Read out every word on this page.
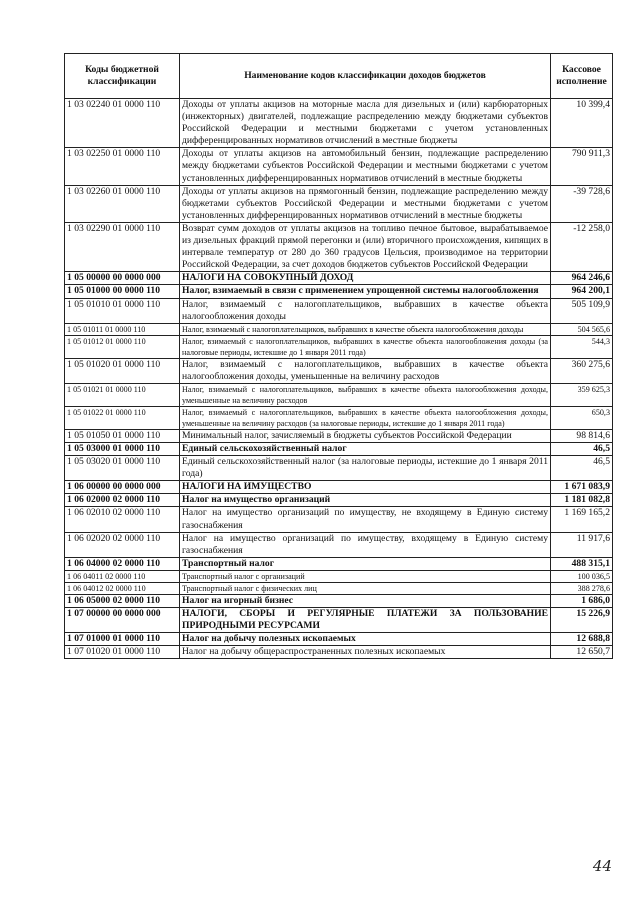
Коды бюджетной классификации	Наименование кодов классификации доходов бюджетов	Кассовое исполнение
1 03 02240 01 0000 110	Доходы от уплаты акцизов на моторные масла для дизельных и (или) карбюраторных (инжекторных) двигателей, подлежащие распределению между бюджетами субъектов Российской Федерации и местными бюджетами с учетом установленных дифференцированных нормативов отчислений в местные бюджеты	10 399,4
1 03 02250 01 0000 110	Доходы от уплаты акцизов на автомобильный бензин, подлежащие распределению между бюджетами субъектов Российской Федерации и местными бюджетами с учетом установленных дифференцированных нормативов отчислений в местные бюджеты	790 911,3
1 03 02260 01 0000 110	Доходы от уплаты акцизов на прямогонный бензин, подлежащие распределению между бюджетами субъектов Российской Федерации и местными бюджетами с учетом установленных дифференцированных нормативов отчислений в местные бюджеты	-39 728,6
1 03 02290 01 0000 110	Возврат сумм доходов от уплаты акцизов на топливо печное бытовое, вырабатываемое из дизельных фракций прямой перегонки и (или) вторичного происхождения, кипящих в интервале температур от 280 до 360 градусов Цельсия, производимое на территории Российской Федерации, за счет доходов бюджетов субъектов Российской Федерации	-12 258,0
1 05 00000 00 0000 000	НАЛОГИ НА СОВОКУПНЫЙ ДОХОД	964 246,6
1 05 01000 00 0000 110	Налог, взимаемый в связи с применением упрощенной системы налогообложения	964 200,1
1 05 01010 01 0000 110	Налог, взимаемый с налогоплательщиков, выбравших в качестве объекта налогообложения доходы	505 109,9
1 05 01011 01 0000 110	Налог, взимаемый с налогоплательщиков, выбравших в качестве объекта налогообложения доходы	504 565,6
1 05 01012 01 0000 110	Налог, взимаемый с налогоплательщиков, выбравших в качестве объекта налогообложения доходы (за налоговые периоды, истекшие до 1 января 2011 года)	544,3
1 05 01020 01 0000 110	Налог, взимаемый с налогоплательщиков, выбравших в качестве объекта налогообложения доходы, уменьшенные на величину расходов	360 275,6
1 05 01021 01 0000 110	Налог, взимаемый с налогоплательщиков, выбравших в качестве объекта налогообложения доходы, уменьшенные на величину расходов	359 625,3
1 05 01022 01 0000 110	Налог, взимаемый с налогоплательщиков, выбравших в качестве объекта налогообложения доходы, уменьшенные на величину расходов (за налоговые периоды, истекшие до 1 января 2011 года)	650,3
1 05 01050 01 0000 110	Минимальный налог, зачисляемый в бюджеты субъектов Российской Федерации	98 814,6
1 05 03000 01 0000 110	Единый сельскохозяйственный налог	46,5
1 05 03020 01 0000 110	Единый сельскохозяйственный налог (за налоговые периоды, истекшие до 1 января 2011 года)	46,5
1 06 00000 00 0000 000	НАЛОГИ НА ИМУЩЕСТВО	1 671 083,9
1 06 02000 02 0000 110	Налог на имущество организаций	1 181 082,8
1 06 02010 02 0000 110	Налог на имущество организаций по имуществу, не входящему в Единую систему газоснабжения	1 169 165,2
1 06 02020 02 0000 110	Налог на имущество организаций по имуществу, входящему в Единую систему газоснабжения	11 917,6
1 06 04000 02 0000 110	Транспортный налог	488 315,1
1 06 04011 02 0000 110	Транспортный налог с организаций	100 036,5
1 06 04012 02 0000 110	Транспортный налог с физических лиц	388 278,6
1 06 05000 02 0000 110	Налог на игорный бизнес	1 686,0
1 07 00000 00 0000 000	НАЛОГИ, СБОРЫ И РЕГУЛЯРНЫЕ ПЛАТЕЖИ ЗА ПОЛЬЗОВАНИЕ ПРИРОДНЫМИ РЕСУРСАМИ	15 226,9
1 07 01000 01 0000 110	Налог на добычу полезных ископаемых	12 688,8
1 07 01020 01 0000 110	Налог на добычу общераспространенных полезных ископаемых	12 650,7
44
